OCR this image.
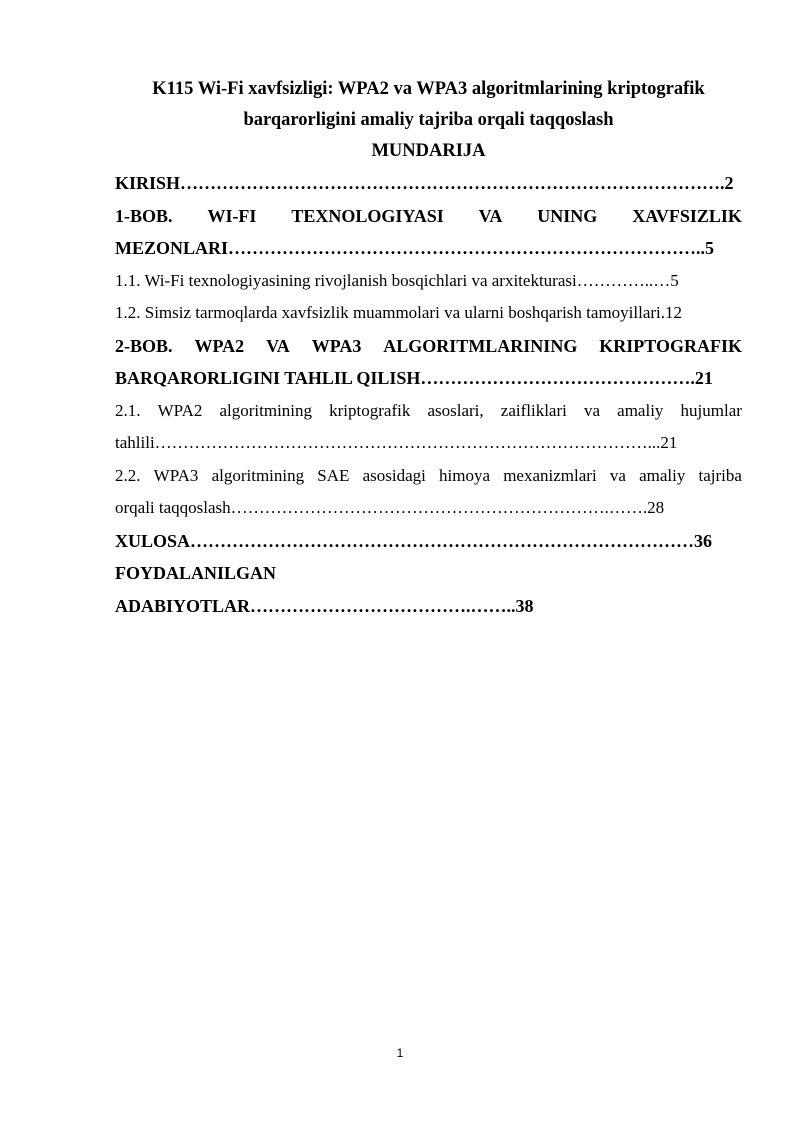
K115 Wi-Fi xavfsizligi: WPA2 va WPA3 algoritmlarining kriptografik

barqarorligini amaliy tajriba orqali taqqoslash

MUNDARIJA

KIRISH……………………………………………………………………………….2

1-BOB. WI-FI TEXNOLOGIYASI VA UNING XAVFSIZLIK

MEZONLARI……………………………………………………………………..5

1.1. Wi-Fi texnologiyasining rivojlanish bosqichlari va arxitekturasi…………..…5

1.2. Simsiz tarmoqlarda xavfsizlik muammolari va ularni boshqarish tamoyillari.12

2-BOB. WPA2 VA WPA3 ALGORITMLARINING KRIPTOGRAFIK

BARQARORLIGINI TAHLIL QILISH……………………………………….21

2.1. WPA2 algoritmining kriptografik asoslari, zaifliklari va amaliy hujumlar

tahlili……………………………………………………………………………...21

2.2. WPA3 algoritmining SAE asosidagi himoya mexanizmlari va amaliy tajriba

orqali taqqoslash………………………………………………………….…….28

XULOSA…………………………………………………………………………36

FOYDALANILGAN

ADABIYOTLAR……………………………….……..38

1
